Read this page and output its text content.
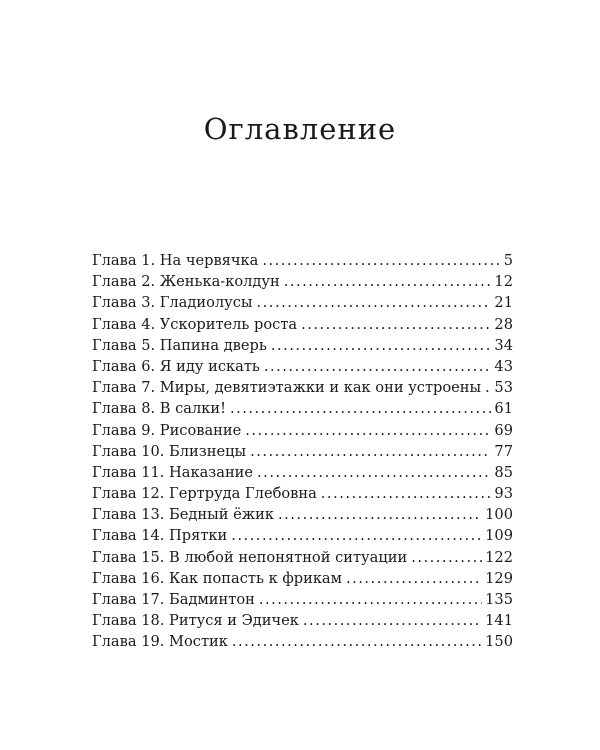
Оглавление
Глава 1. На червячка .....	5
Глава 2. Женька-колдун .....	12
Глава 3. Гладиолусы .....	21
Глава 4. Ускоритель роста .....	28
Глава 5. Папина дверь .....	34
Глава 6. Я иду искать .....	43
Глава 7. Миры, девятиэтажки и как они устроены ..... 53
Глава 8. В салки! .....	61
Глава 9. Рисование .....	69
Глава 10. Близнецы .....	77
Глава 11. Наказание .....	85
Глава 12. Гертруда Глебовна .....	93
Глава 13. Бедный ёжик .....	100
Глава 14. Прятки .....	109
Глава 15. В любой непонятной ситуации .....	122
Глава 16. Как попасть к фрикам .....	129
Глава 17. Бадминтон .....	135
Глава 18. Ритуся и Эдичек .....	141
Глава 19. Мостик .....	150
